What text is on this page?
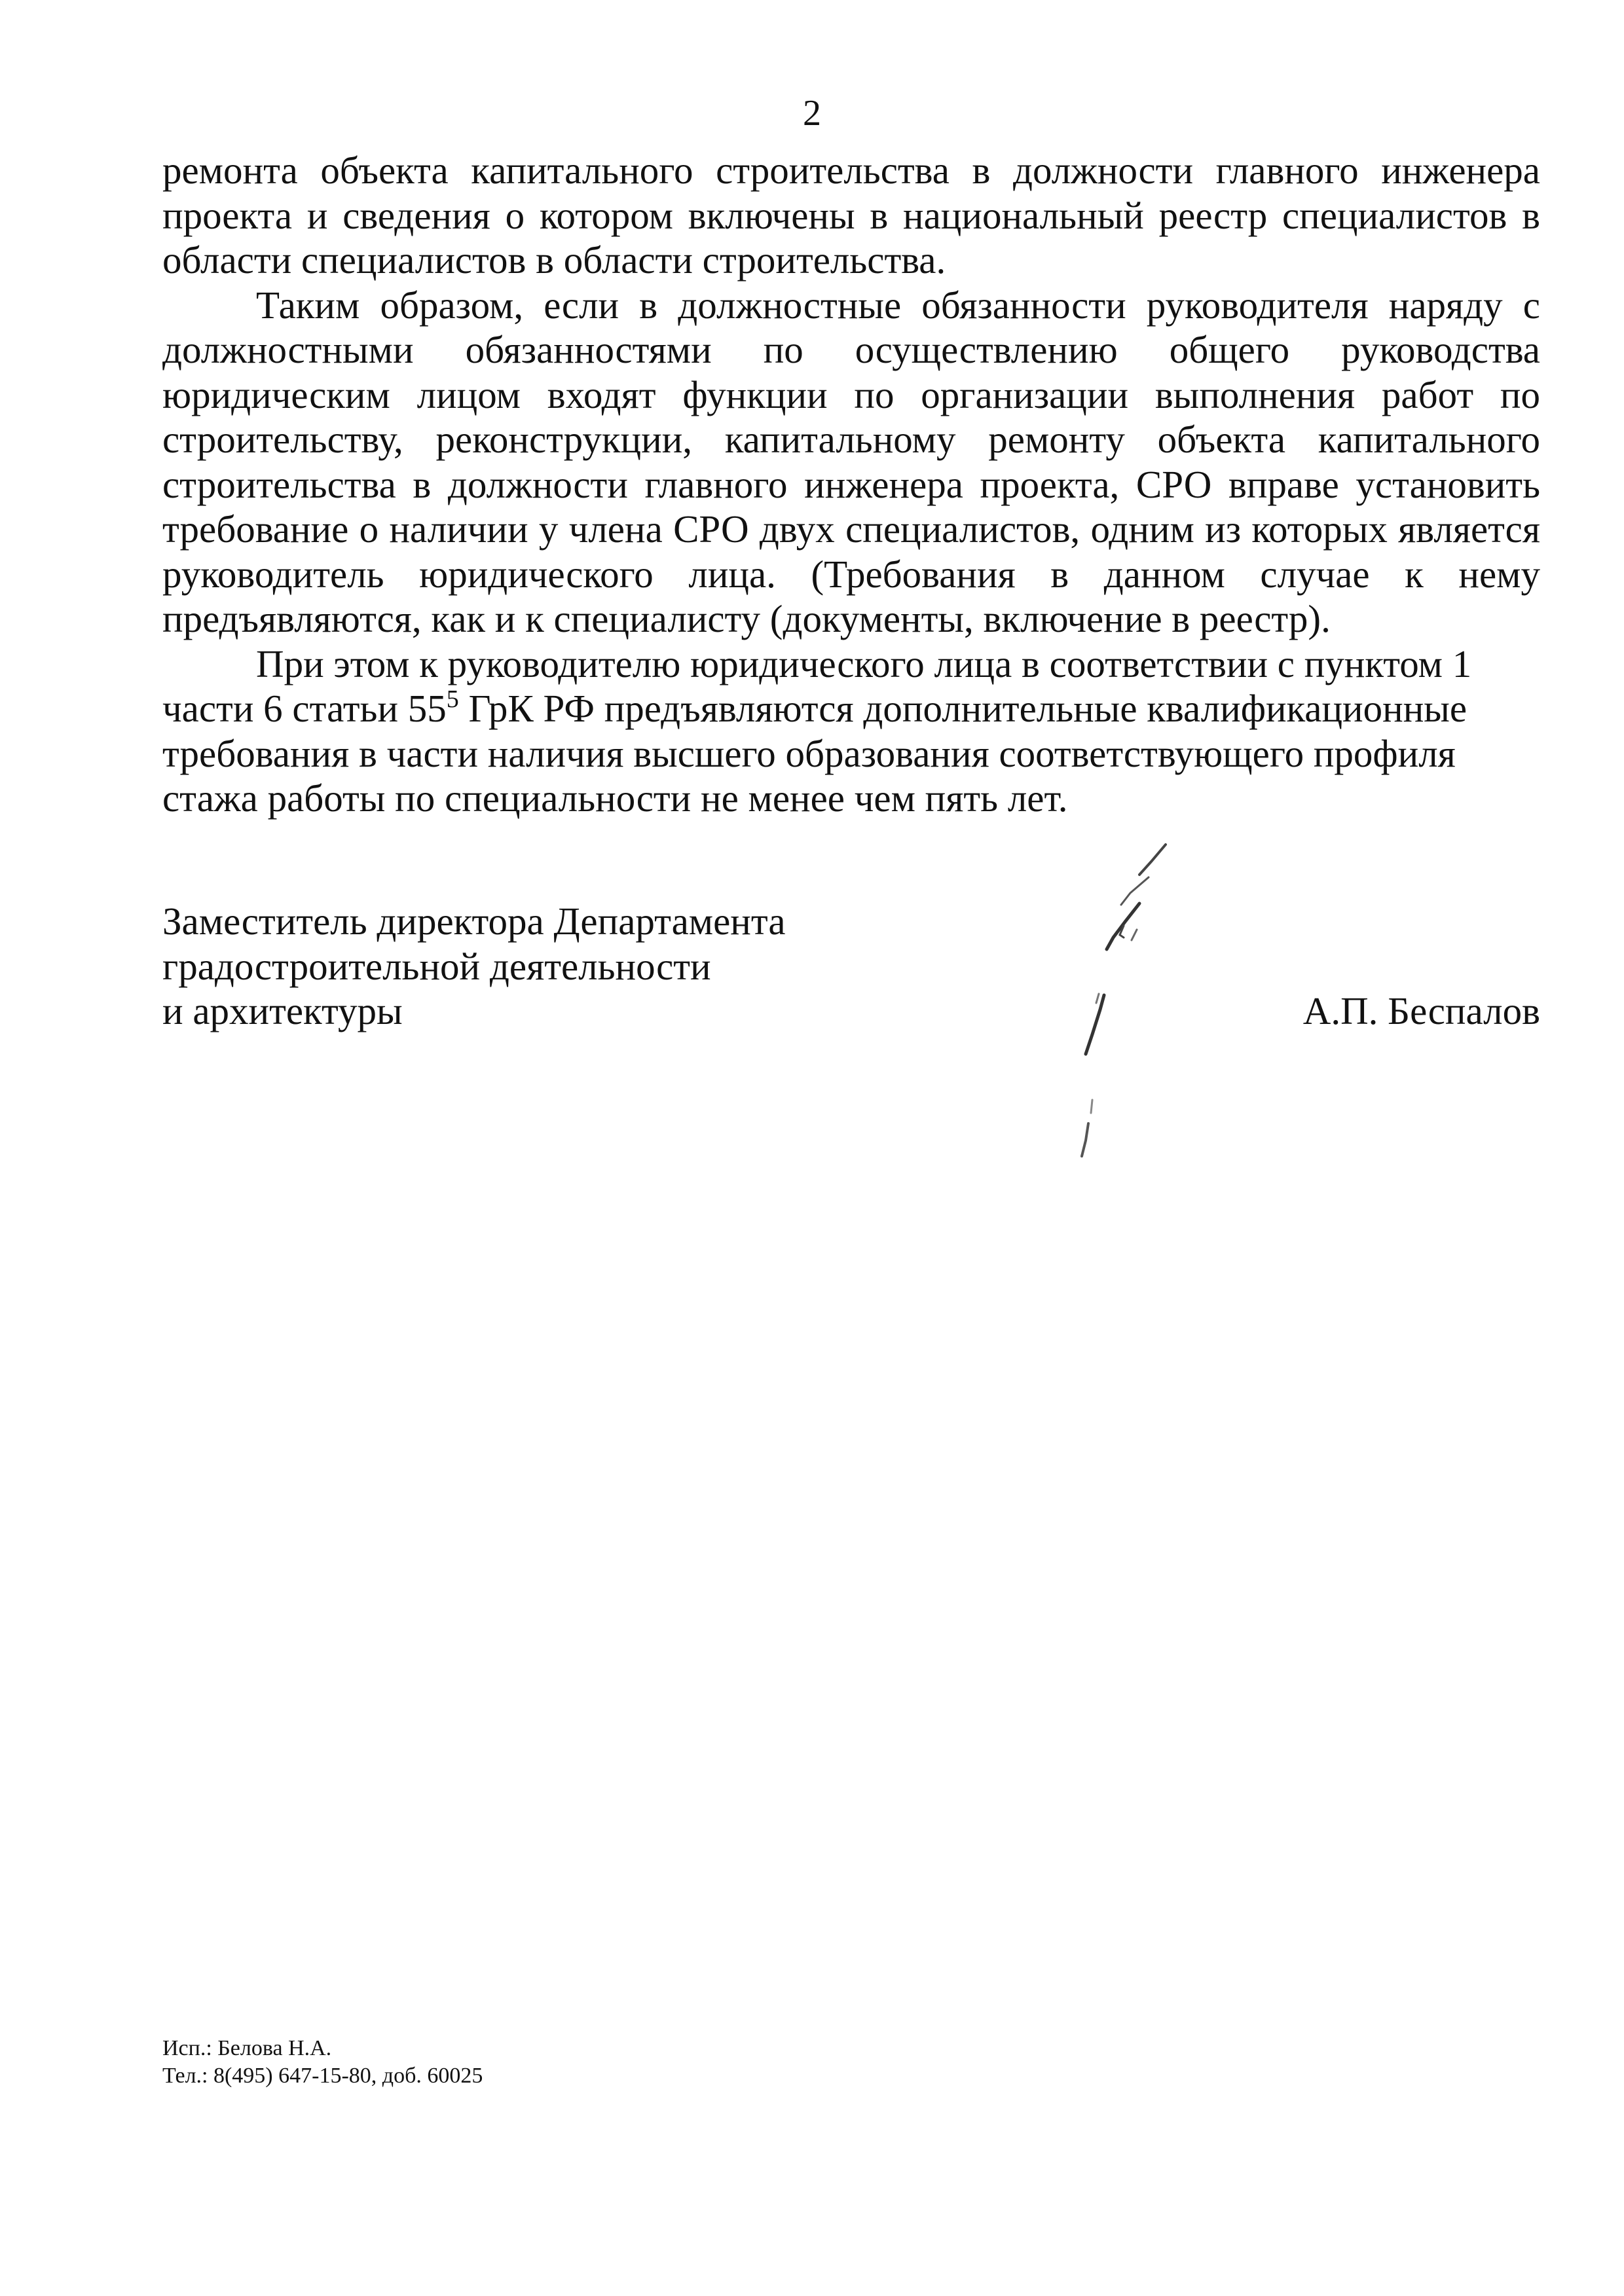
2

ремонта объекта капитального строительства в должности главного инженера проекта и сведения о котором включены в национальный реестр специалистов в области специалистов в области строительства.

Таким образом, если в должностные обязанности руководителя наряду с должностными обязанностями по осуществлению общего руководства юридическим лицом входят функции по организации выполнения работ по строительству, реконструкции, капитальному ремонту объекта капитального строительства в должности главного инженера проекта, СРО вправе установить требование о наличии у члена СРО двух специалистов, одним из которых является руководитель юридического лица. (Требования в данном случае к нему предъявляются, как и к специалисту (документы, включение в реестр).

При этом к руководителю юридического лица в соответствии с пунктом 1 части 6 статьи $55^5$ ГрК РФ предъявляются дополнительные квалификационные требования в части наличия высшего образования соответствующего профиля стажа работы по специальности не менее чем пять лет.

Заместитель директора Департамента
градостроительной деятельности
и архитектуры	А.П. Беспалов
Исп.: Белова Н.А.
Тел.: 8(495) 647-15-80, доб. 60025
